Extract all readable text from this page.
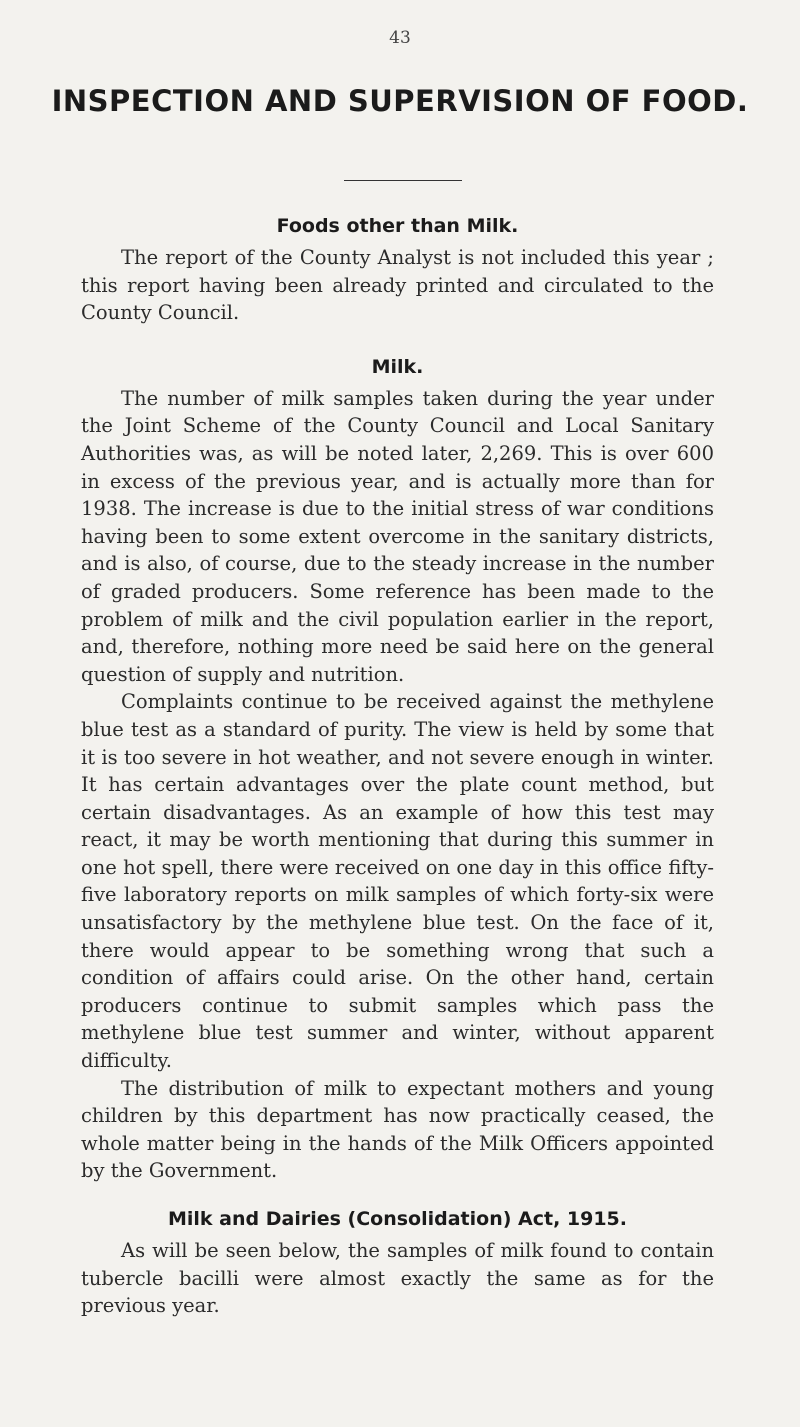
43
INSPECTION AND SUPERVISION OF FOOD.
Foods other than Milk.

The report of the County Analyst is not included this year ; this report having been already printed and circulated to the County Council.

Milk.

The number of milk samples taken during the year under the Joint Scheme of the County Council and Local Sanitary Authorities was, as will be noted later, 2,269. This is over 600 in excess of the previous year, and is actually more than for 1938. The increase is due to the initial stress of war conditions having been to some extent overcome in the sanitary districts, and is also, of course, due to the steady increase in the number of graded producers. Some reference has been made to the problem of milk and the civil population earlier in the report, and, therefore, nothing more need be said here on the general question of supply and nutrition.

Complaints continue to be received against the methylene blue test as a standard of purity. The view is held by some that it is too severe in hot weather, and not severe enough in winter. It has certain advantages over the plate count method, but certain disadvantages. As an example of how this test may react, it may be worth mentioning that during this summer in one hot spell, there were received on one day in this office fifty-five laboratory reports on milk samples of which forty-six were unsatisfactory by the methylene blue test. On the face of it, there would appear to be something wrong that such a condition of affairs could arise. On the other hand, certain producers continue to submit samples which pass the methylene blue test summer and winter, without apparent difficulty.

The distribution of milk to expectant mothers and young children by this department has now practically ceased, the whole matter being in the hands of the Milk Officers appointed by the Government.

Milk and Dairies (Consolidation) Act, 1915.

As will be seen below, the samples of milk found to contain tubercle bacilli were almost exactly the same as for the previous year.
